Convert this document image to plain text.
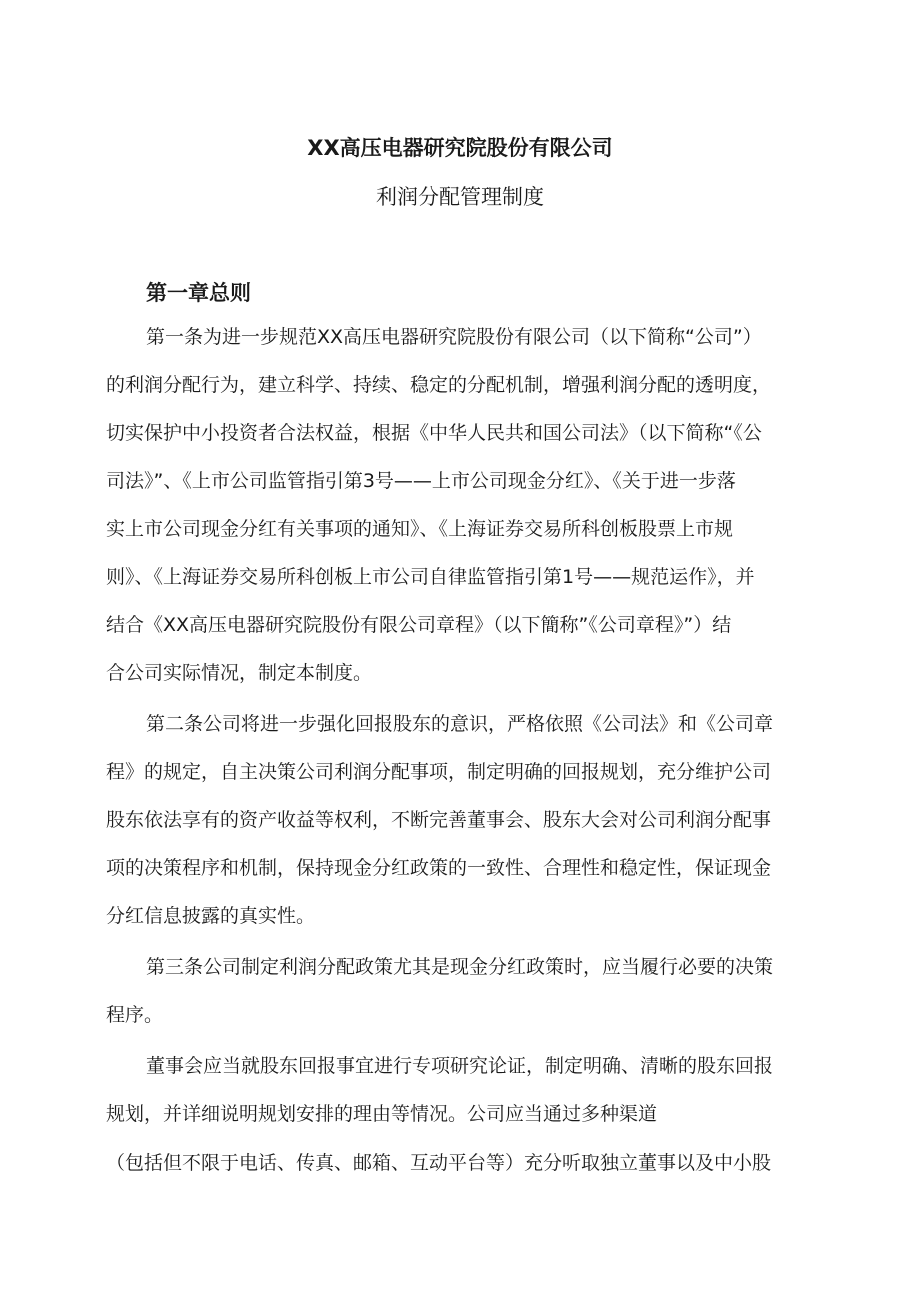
XX高压电器研究院股份有限公司
利润分配管理制度
第一章总则
第一条为进一步规范XX高压电器研究院股份有限公司（以下简称“公司”）
的利润分配行为，建立科学、持续、稳定的分配机制，增强利润分配的透明度，
切实保护中小投资者合法权益，根据《中华人民共和国公司法》（以下简称“《公
司法》”、《上市公司监管指引第3号——上市公司现金分红》、《关于进一步落
实上市公司现金分红有关事项的通知》、《上海证券交易所科创板股票上市规
则》、《上海证券交易所科创板上市公司自律监管指引第1号——规范运作》，并
结合《XX高压电器研究院股份有限公司章程》（以下簡称”《公司章程》”）结
合公司实际情况，制定本制度。
第二条公司将进一步强化回报股东的意识，严格依照《公司法》和《公司章
程》的规定，自主决策公司利润分配事项，制定明确的回报规划，充分维护公司
股东依法享有的资产收益等权利，不断完善董事会、股东大会对公司利润分配事
项的决策程序和机制，保持现金分红政策的一致性、合理性和稳定性，保证现金
分红信息披露的真实性。
第三条公司制定利润分配政策尤其是现金分红政策时，应当履行必要的决策
程序。
董事会应当就股东回报事宜进行专项研究论证，制定明确、清晰的股东回报
规划，并详细说明规划安排的理由等情况。公司应当通过多种渠道
（包括但不限于电话、传真、邮箱、互动平台等）充分听取独立董事以及中小股
